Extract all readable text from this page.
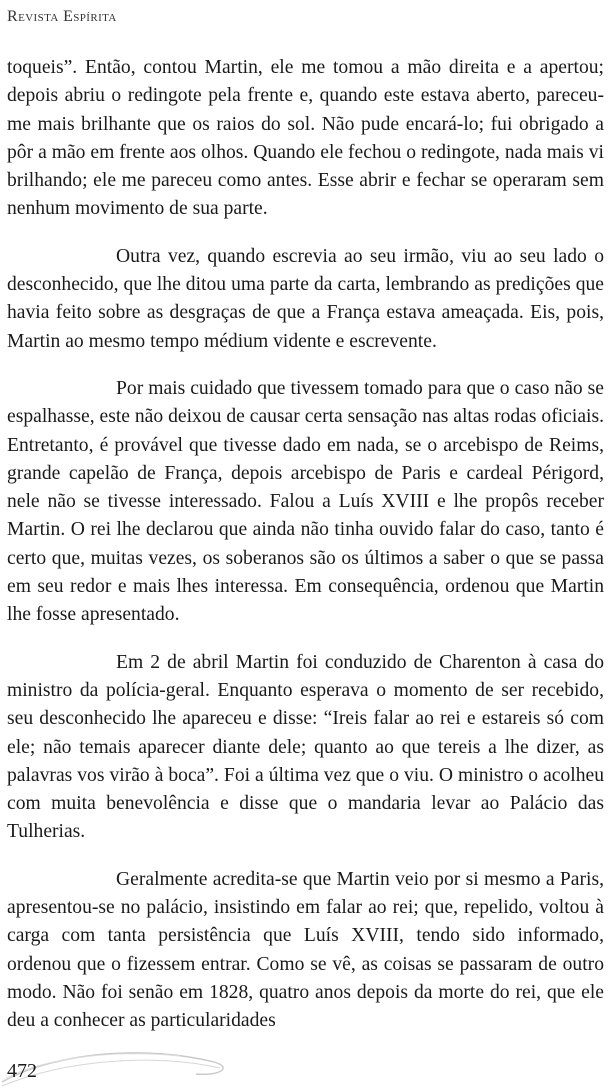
Revista Espírita

toqueis”. Então, contou Martin, ele me tomou a mão direita e a apertou; depois abriu o redingote pela frente e, quando este estava aberto, pareceu-me mais brilhante que os raios do sol. Não pude encará-lo; fui obrigado a pôr a mão em frente aos olhos. Quando ele fechou o redingote, nada mais vi brilhando; ele me pareceu como antes. Esse abrir e fechar se operaram sem nenhum movimento de sua parte.

Outra vez, quando escrevia ao seu irmão, viu ao seu lado o desconhecido, que lhe ditou uma parte da carta, lembrando as predições que havia feito sobre as desgraças de que a França estava ameaçada. Eis, pois, Martin ao mesmo tempo médium vidente e escrevente.

Por mais cuidado que tivessem tomado para que o caso não se espalhasse, este não deixou de causar certa sensação nas altas rodas oficiais. Entretanto, é provável que tivesse dado em nada, se o arcebispo de Reims, grande capelão de França, depois arcebispo de Paris e cardeal Périgord, nele não se tivesse interessado. Falou a Luís XVIII e lhe propôs receber Martin. O rei lhe declarou que ainda não tinha ouvido falar do caso, tanto é certo que, muitas vezes, os soberanos são os últimos a saber o que se passa em seu redor e mais lhes interessa. Em consequência, ordenou que Martin lhe fosse apresentado.

Em 2 de abril Martin foi conduzido de Charenton à casa do ministro da polícia-geral. Enquanto esperava o momento de ser recebido, seu desconhecido lhe apareceu e disse: “Ireis falar ao rei e estareis só com ele; não temais aparecer diante dele; quanto ao que tereis a lhe dizer, as palavras vos virão à boca”. Foi a última vez que o viu. O ministro o acolheu com muita benevolência e disse que o mandaria levar ao Palácio das Tulherias.

Geralmente acredita-se que Martin veio por si mesmo a Paris, apresentou-se no palácio, insistindo em falar ao rei; que, repelido, voltou à carga com tanta persistência que Luís XVIII, tendo sido informado, ordenou que o fizessem entrar. Como se vê, as coisas se passaram de outro modo. Não foi senão em 1828, quatro anos depois da morte do rei, que ele deu a conhecer as particularidades

472
